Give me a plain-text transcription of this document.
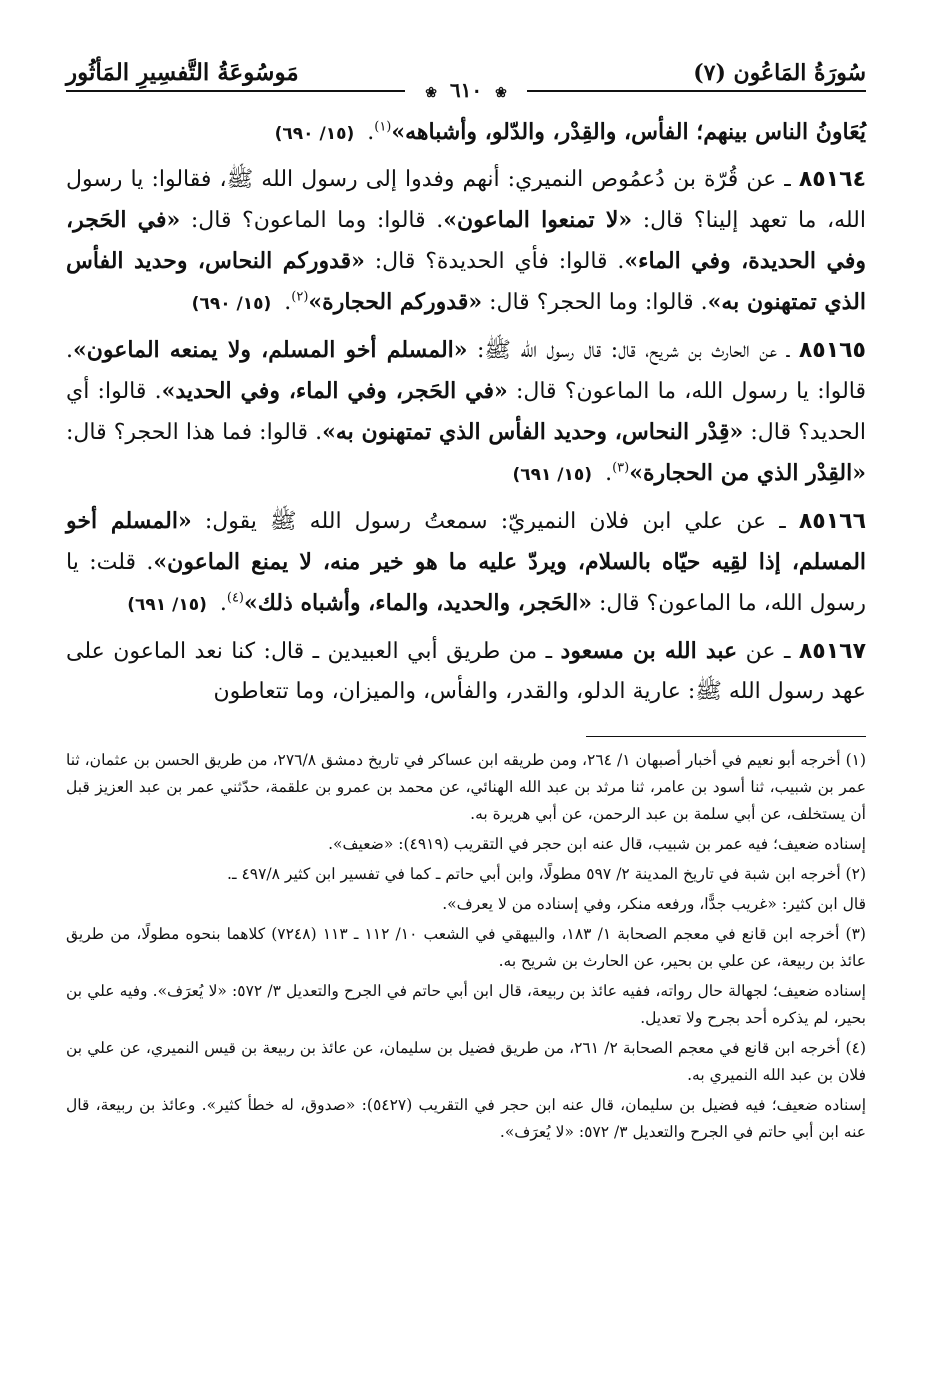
سُورَةُ المَاعُون (٧)
مَوسُوعَةُ التَّفسِيرِ المَأثُور
❀ ٦١٠ ❀

يُعَاونُ الناس بينهم؛ الفأس، والقِدْر، والدّلو، وأشباهه»$^{(١)}$. (١٥/ ٦٩٠)

٨٥١٦٤ ـ عن قُرّة بن دُعمُوص النميري: أنهم وفدوا إلى رسول الله ﷺ، فقالوا: يا رسول الله، ما تعهد إلينا؟ قال: «لا تمنعوا الماعون». قالوا: وما الماعون؟ قال: «في الحَجر، وفي الحديدة، وفي الماء». قالوا: فأي الحديدة؟ قال: «قدوركم النحاس، وحديد الفأس الذي تمتهنون به». قالوا: وما الحجر؟ قال: «قدوركم الحجارة»$^{(٢)}$. (١٥/ ٦٩٠)

٨٥١٦٥ ـ عن الحارث بن شريح، قال: قال رسول الله ﷺ: «المسلم أخو المسلم، ولا يمنعه الماعون». قالوا: يا رسول الله، ما الماعون؟ قال: «في الحَجر، وفي الماء، وفي الحديد». قالوا: أي الحديد؟ قال: «قِدْر النحاس، وحديد الفأس الذي تمتهنون به». قالوا: فما هذا الحجر؟ قال: «القِدْر الذي من الحجارة»$^{(٣)}$. (١٥/ ٦٩١)

٨٥١٦٦ ـ عن علي ابن فلان النميريّ: سمعتُ رسول الله ﷺ يقول: «المسلم أخو المسلم، إذا لقِيه حيّاه بالسلام، ويردّ عليه ما هو خير منه، لا يمنع الماعون». قلت: يا رسول الله، ما الماعون؟ قال: «الحَجر، والحديد، والماء، وأشباه ذلك»$^{(٤)}$. (١٥/ ٦٩١)

٨٥١٦٧ ـ عن عبد الله بن مسعود ـ من طريق أبي العبيدين ـ قال: كنا نعد الماعون على عهد رسول الله ﷺ: عارية الدلو، والقدر، والفأس، والميزان، وما تتعاطون

(١) أخرجه أبو نعيم في أخبار أصبهان ١/ ٢٦٤، ومن طريقه ابن عساكر في تاريخ دمشق ٢٧٦/٨، من طريق الحسن بن عثمان، ثنا عمر بن شبيب، ثنا أسود بن عامر، ثنا مرثد بن عبد الله الهنائي، عن محمد بن عمرو بن علقمة، حدّثني عمر بن عبد العزيز قبل أن يستخلف، عن أبي سلمة بن عبد الرحمن، عن أبي هريرة به.

إسناده ضعيف؛ فيه عمر بن شبيب، قال عنه ابن حجر في التقريب (٤٩١٩): «ضعيف».

(٢) أخرجه ابن شبة في تاريخ المدينة ٢/ ٥٩٧ مطولًا، وابن أبي حاتم ـ كما في تفسير ابن كثير ٤٩٧/٨ ـ.

قال ابن كثير: «غريب جدًّا، ورفعه منكر، وفي إسناده من لا يعرف».

(٣) أخرجه ابن قانع في معجم الصحابة ١/ ١٨٣، والبيهقي في الشعب ١٠/ ١١٢ ـ ١١٣ (٧٢٤٨) كلاهما بنحوه مطولًا، من طريق عائذ بن ربيعة، عن علي بن بحير، عن الحارث بن شريح به.

إسناده ضعيف؛ لجهالة حال رواته، ففيه عائذ بن ربيعة، قال ابن أبي حاتم في الجرح والتعديل ٣/ ٥٧٢: «لا يُعرَف». وفيه علي بن بحير، لم يذكره أحد بجرح ولا تعديل.

(٤) أخرجه ابن قانع في معجم الصحابة ٢/ ٢٦١، من طريق فضيل بن سليمان، عن عائذ بن ربيعة بن قيس النميري، عن علي بن فلان بن عبد الله النميري به.

إسناده ضعيف؛ فيه فضيل بن سليمان، قال عنه ابن حجر في التقريب (٥٤٢٧): «صدوق، له خطأ كثير». وعائذ بن ربيعة، قال عنه ابن أبي حاتم في الجرح والتعديل ٣/ ٥٧٢: «لا يُعرَف».
